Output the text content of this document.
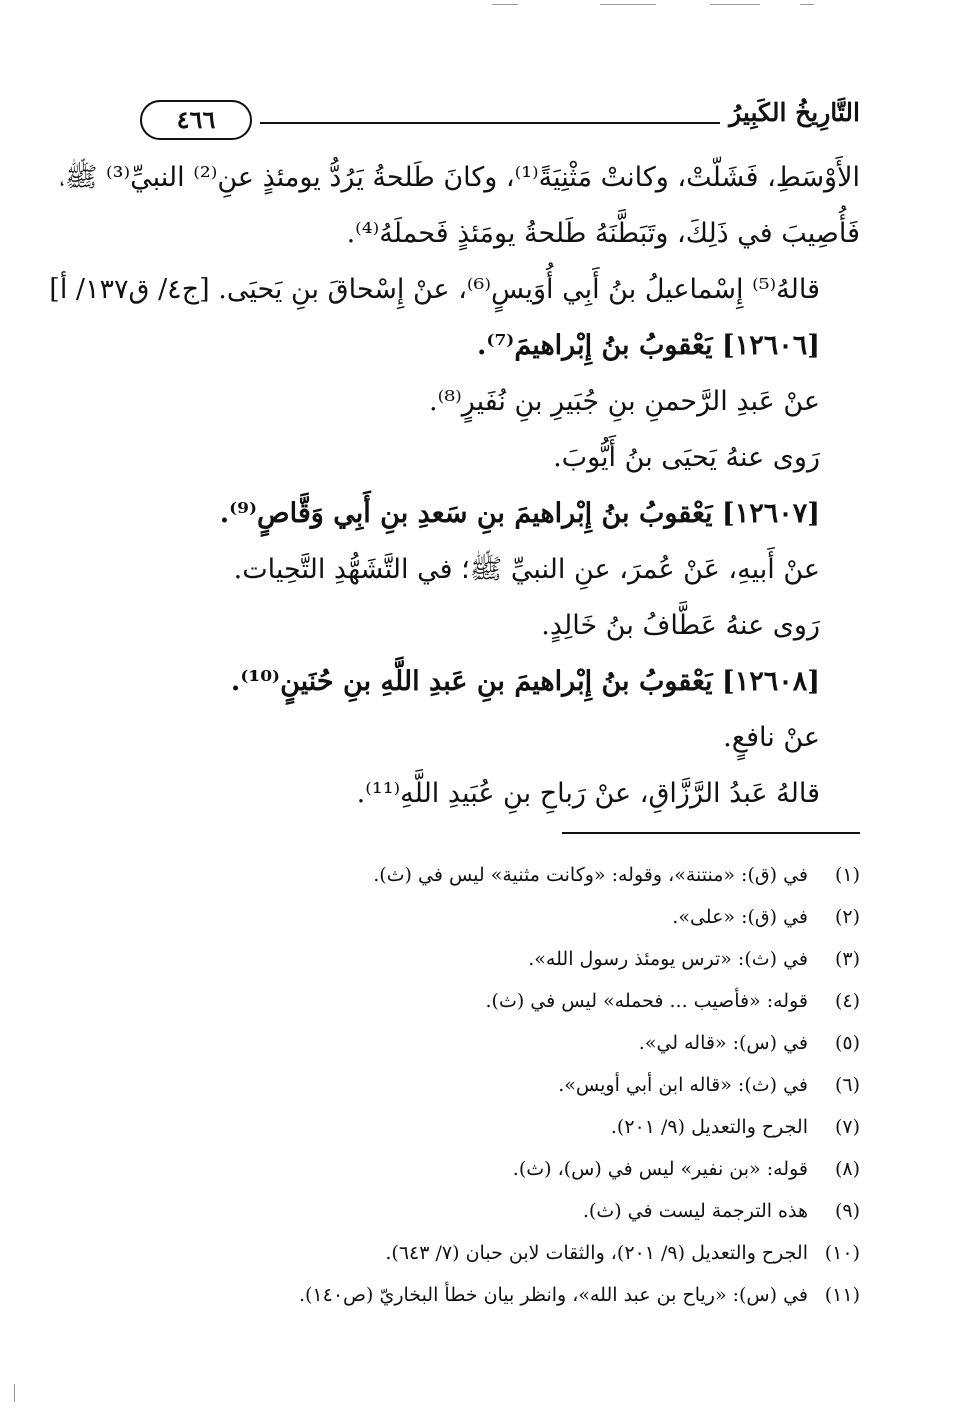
٤٦٦	التَّارِيخُ الكَبِيرُ

الأَوْسَطِ، فَشَلّتْ، وكانتْ مَثْنِيَةً⁽¹⁾، وكانَ طَلحةُ يَرُدُّ يومئذٍ عنِ⁽²⁾ النبيِّ⁽³⁾ ﷺ،

فَأُصِيبَ في ذَلِكَ، وتَبَطَّنَهُ طَلحةُ يومَئذٍ فَحملَهُ⁽⁴⁾.

قالهُ⁽⁵⁾ إِسْماعيلُ بنُ أَبِي أُوَيسٍ⁽⁶⁾، عنْ إِسْحاقَ بنِ يَحيَى. [ج٤/ ق١٣٧/ أ]

[١٢٦٠٦] يَعْقوبُ بنُ إِبْراهيمَ⁽⁷⁾.

عنْ عَبدِ الرَّحمنِ بنِ جُبَيرِ بنِ نُفَيرٍ⁽⁸⁾.

رَوى عنهُ يَحيَى بنُ أَيُّوبَ.

[١٢٦٠٧] يَعْقوبُ بنُ إِبْراهيمَ بنِ سَعدِ بنِ أَبِي وَقَّاصٍ⁽⁹⁾.

عنْ أَبيهِ، عَنْ عُمرَ، عنِ النبيِّ ﷺ؛ في التَّشَهُّدِ التَّحِيات.

رَوى عنهُ عَطَّافُ بنُ خَالِدٍ.

[١٢٦٠٨] يَعْقوبُ بنُ إِبْراهيمَ بنِ عَبدِ اللَّهِ بنِ حُنَينٍ⁽¹⁰⁾.

عنْ نافعٍ.

قالهُ عَبدُ الرَّزَّاقِ، عنْ رَباحِ بنِ عُبَيدِ اللَّهِ⁽¹¹⁾.

(١)في (ق): «منتنة»، وقوله: «وكانت مثنية» ليس في (ث).
(٢)في (ق): «على».
(٣)في (ث): «ترس يومئذ رسول الله».
(٤)قوله: «فأصيب ... فحمله» ليس في (ث).
(٥)في (س): «قاله لي».
(٦)في (ث): «قاله ابن أبي أويس».
(٧)الجرح والتعديل (٩/ ٢٠١).
(٨)قوله: «بن نفير» ليس في (س)، (ث).
(٩)هذه الترجمة ليست في (ث).
(١٠)الجرح والتعديل (٩/ ٢٠١)، والثقات لابن حبان (٧/ ٦٤٣).
(١١)في (س): «رياح بن عبد الله»، وانظر بيان خطأ البخاريّ (ص١٤٠).
